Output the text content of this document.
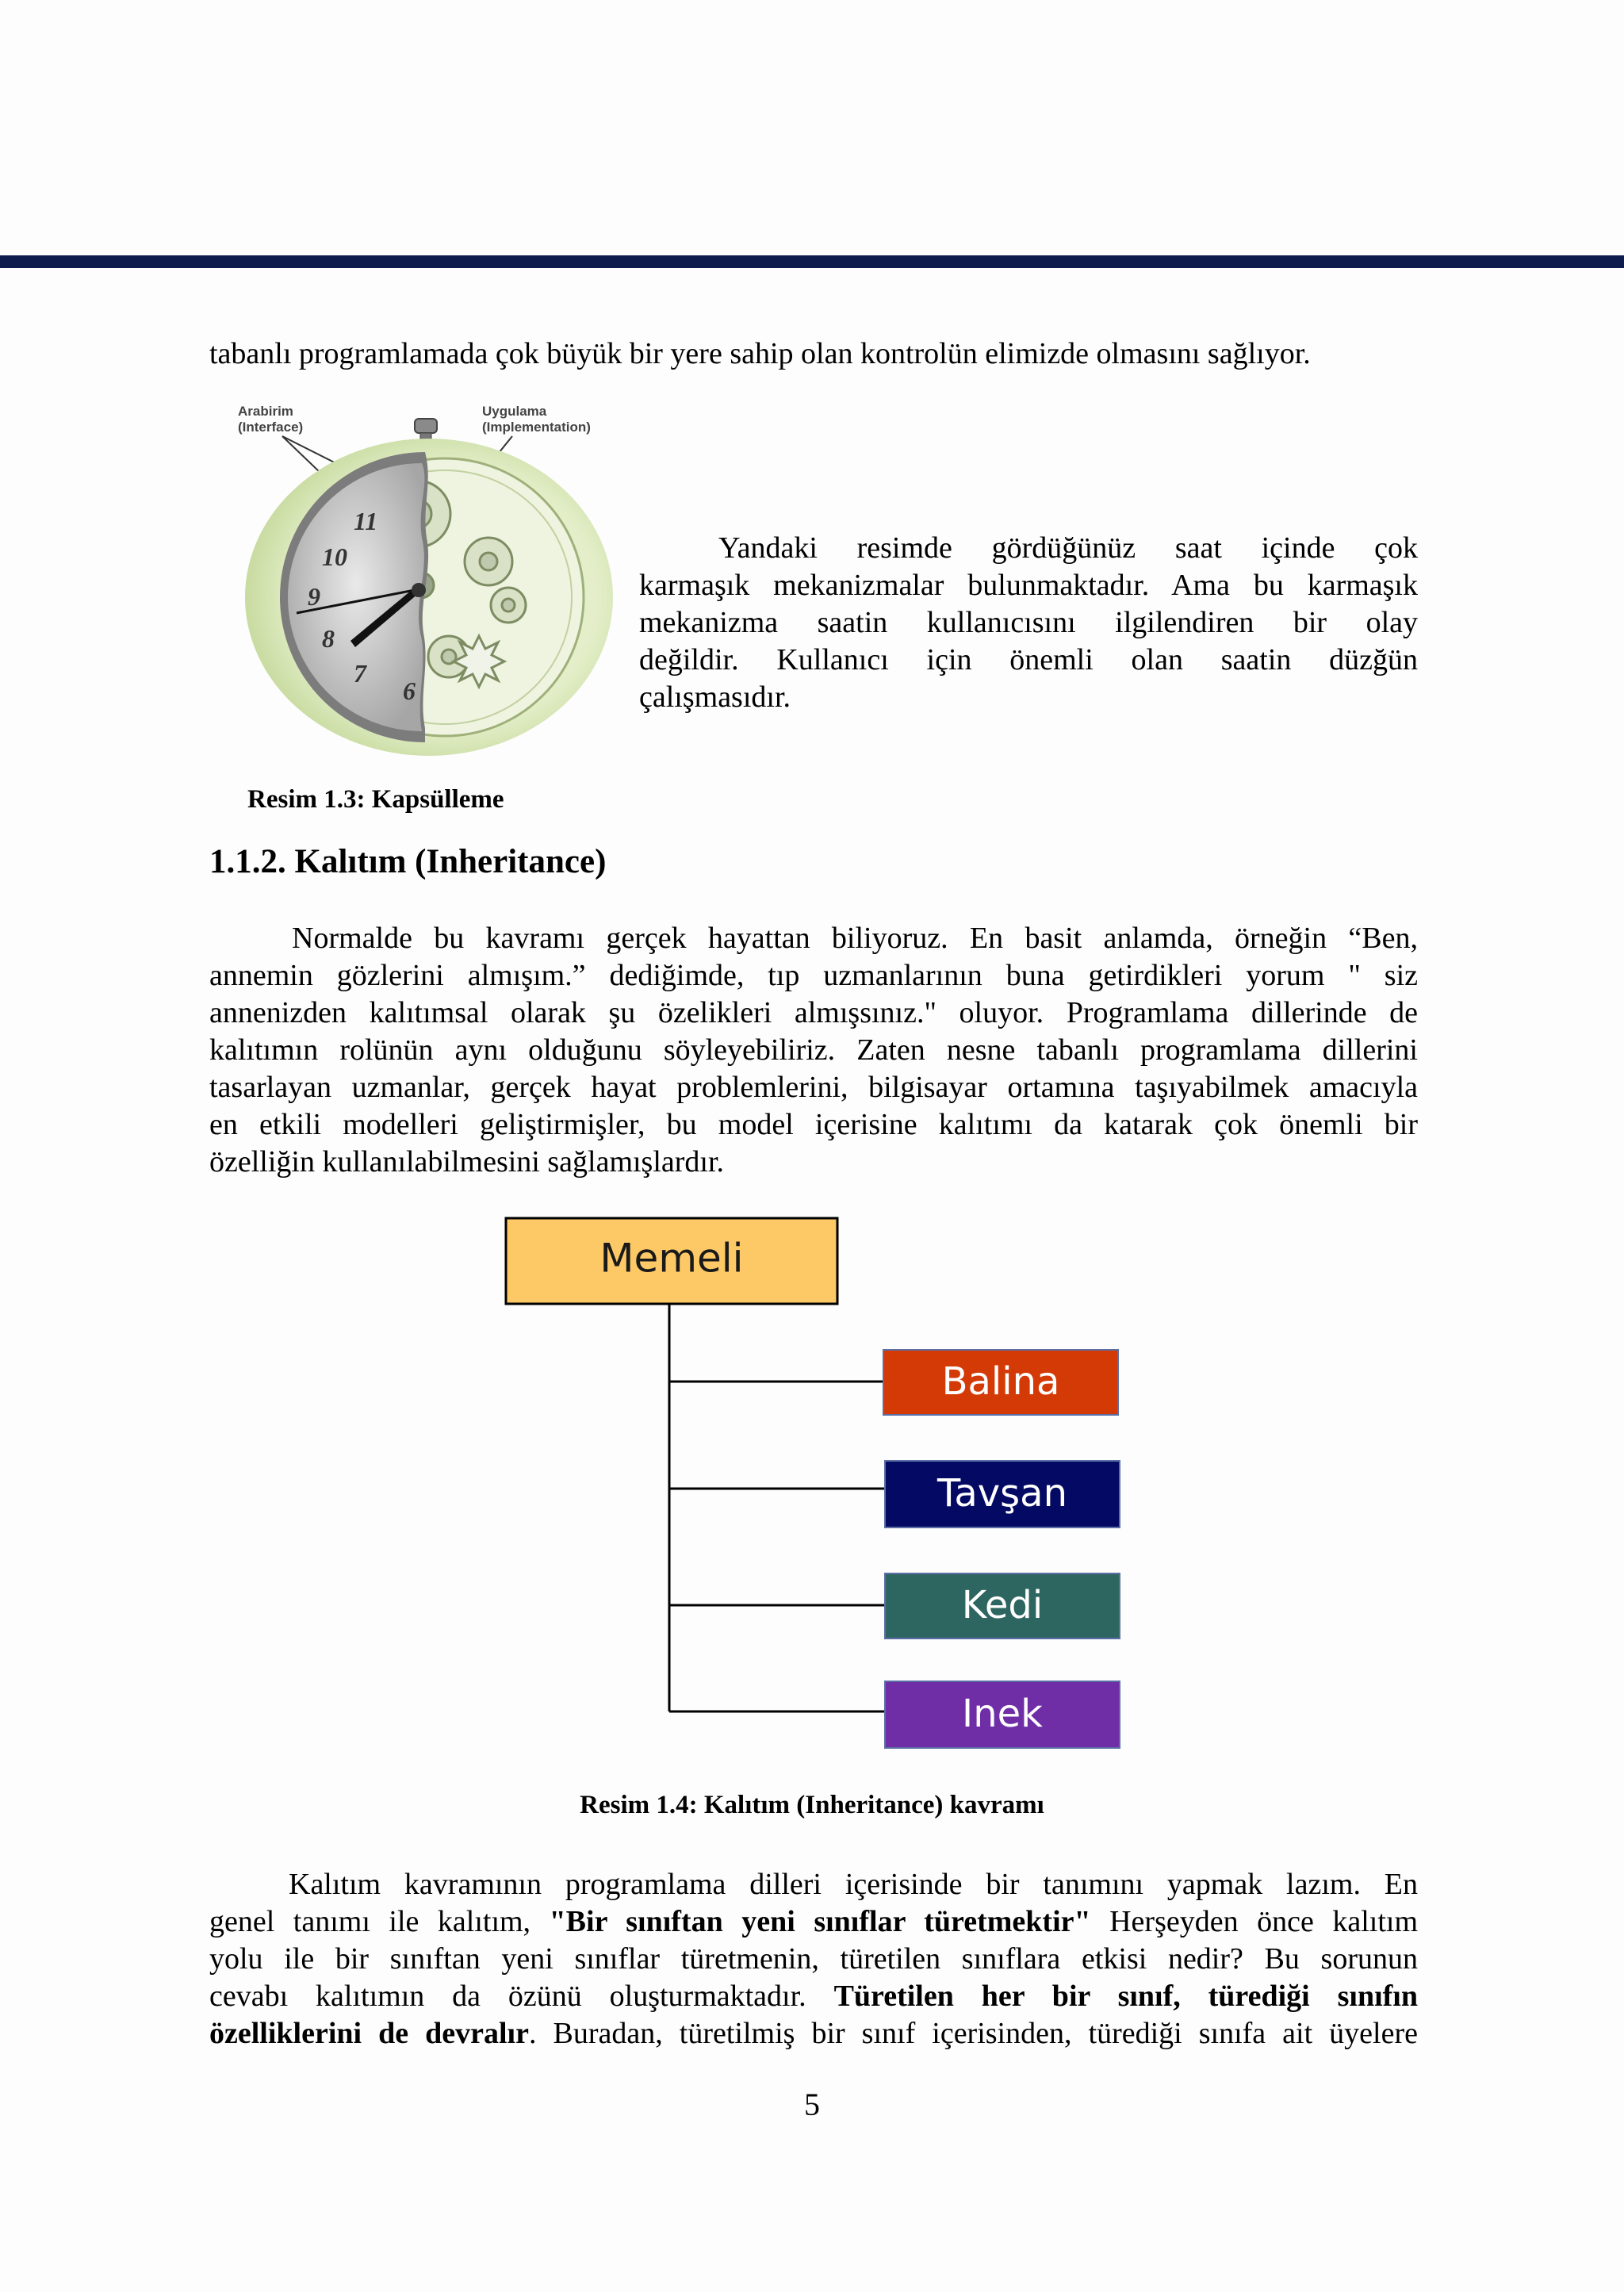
tabanlı programlamada çok büyük bir yere sahip olan kontrolün elimizde olmasını sağlıyor.
Arabirim
(Interface)
Uygulama
(Implementation)
11
10
9
8
7
6
Resim 1.3: Kapsülleme
Yandaki resimde gördüğünüz saat içinde çok
karmaşık mekanizmalar bulunmaktadır. Ama bu karmaşık
mekanizma saatin kullanıcısını ilgilendiren bir olay
değildir. Kullanıcı için önemli olan saatin düzğün
çalışmasıdır.
1.1.2. Kalıtım (Inheritance)
Normalde bu kavramı gerçek hayattan biliyoruz. En basit anlamda, örneğin “Ben,
annemin gözlerini almışım.” dediğimde, tıp uzmanlarının buna getirdikleri yorum " siz
annenizden kalıtımsal olarak şu özelikleri almışsınız." oluyor. Programlama dillerinde de
kalıtımın rolünün aynı olduğunu söyleyebiliriz. Zaten nesne tabanlı programlama dillerini
tasarlayan uzmanlar, gerçek hayat problemlerini, bilgisayar ortamına taşıyabilmek amacıyla
en etkili modelleri geliştirmişler, bu model içerisine kalıtımı da katarak çok önemli bir
özelliğin kullanılabilmesini sağlamışlardır.
Memeli
Balina
Tavşan
Kedi
Inek
Resim 1.4: Kalıtım (Inheritance) kavramı
Kalıtım kavramının programlama dilleri içerisinde bir tanımını yapmak lazım. En
genel tanımı ile kalıtım, "Bir sınıftan yeni sınıflar türetmektir" Herşeyden önce kalıtım
yolu ile bir sınıftan yeni sınıflar türetmenin, türetilen sınıflara etkisi nedir? Bu sorunun
cevabı kalıtımın da özünü oluşturmaktadır. Türetilen her bir sınıf, türediği sınıfın
özelliklerini de devralır. Buradan, türetilmiş bir sınıf içerisinden, türediği sınıfa ait üyelere
5
